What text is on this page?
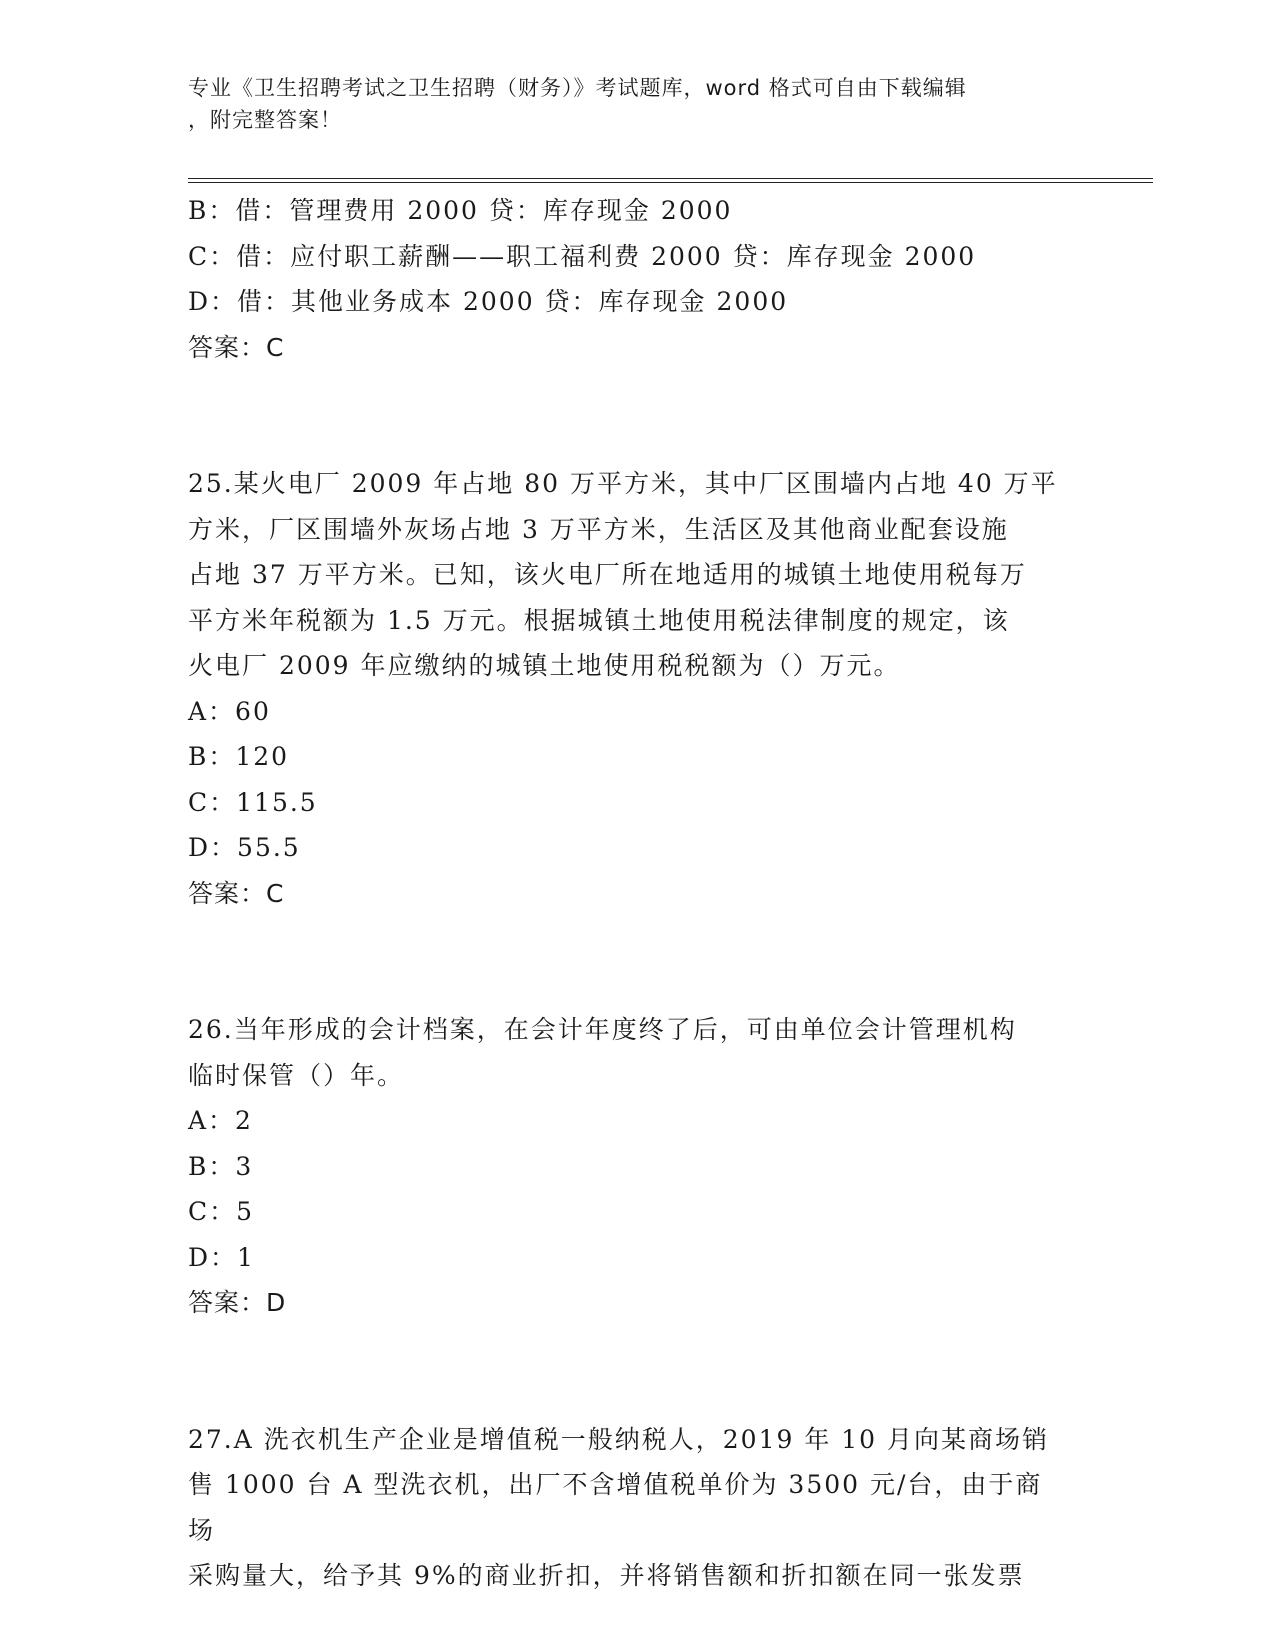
专业《卫生招聘考试之卫生招聘（财务）》考试题库，word 格式可自由下载编辑
，附完整答案！
B：借：管理费用 2000 贷：库存现金 2000
C：借：应付职工薪酬——职工福利费 2000 贷：库存现金 2000
D：借：其他业务成本 2000 贷：库存现金 2000
答案：C
25.某火电厂 2009 年占地 80 万平方米，其中厂区围墙内占地 40 万平
方米，厂区围墙外灰场占地 3 万平方米，生活区及其他商业配套设施
占地 37 万平方米。已知，该火电厂所在地适用的城镇土地使用税每万
平方米年税额为 1.5 万元。根据城镇土地使用税法律制度的规定，该
火电厂 2009 年应缴纳的城镇土地使用税税额为（）万元。
A：60
B：120
C：115.5
D：55.5
答案：C
26.当年形成的会计档案，在会计年度终了后，可由单位会计管理机构
临时保管（）年。
A：2
B：3
C：5
D：1
答案：D
27.A 洗衣机生产企业是增值税一般纳税人，2019 年 10 月向某商场销
售 1000 台 A 型洗衣机，出厂不含增值税单价为 3500 元/台，由于商场
采购量大，给予其 9%的商业折扣，并将销售额和折扣额在同一张发票
